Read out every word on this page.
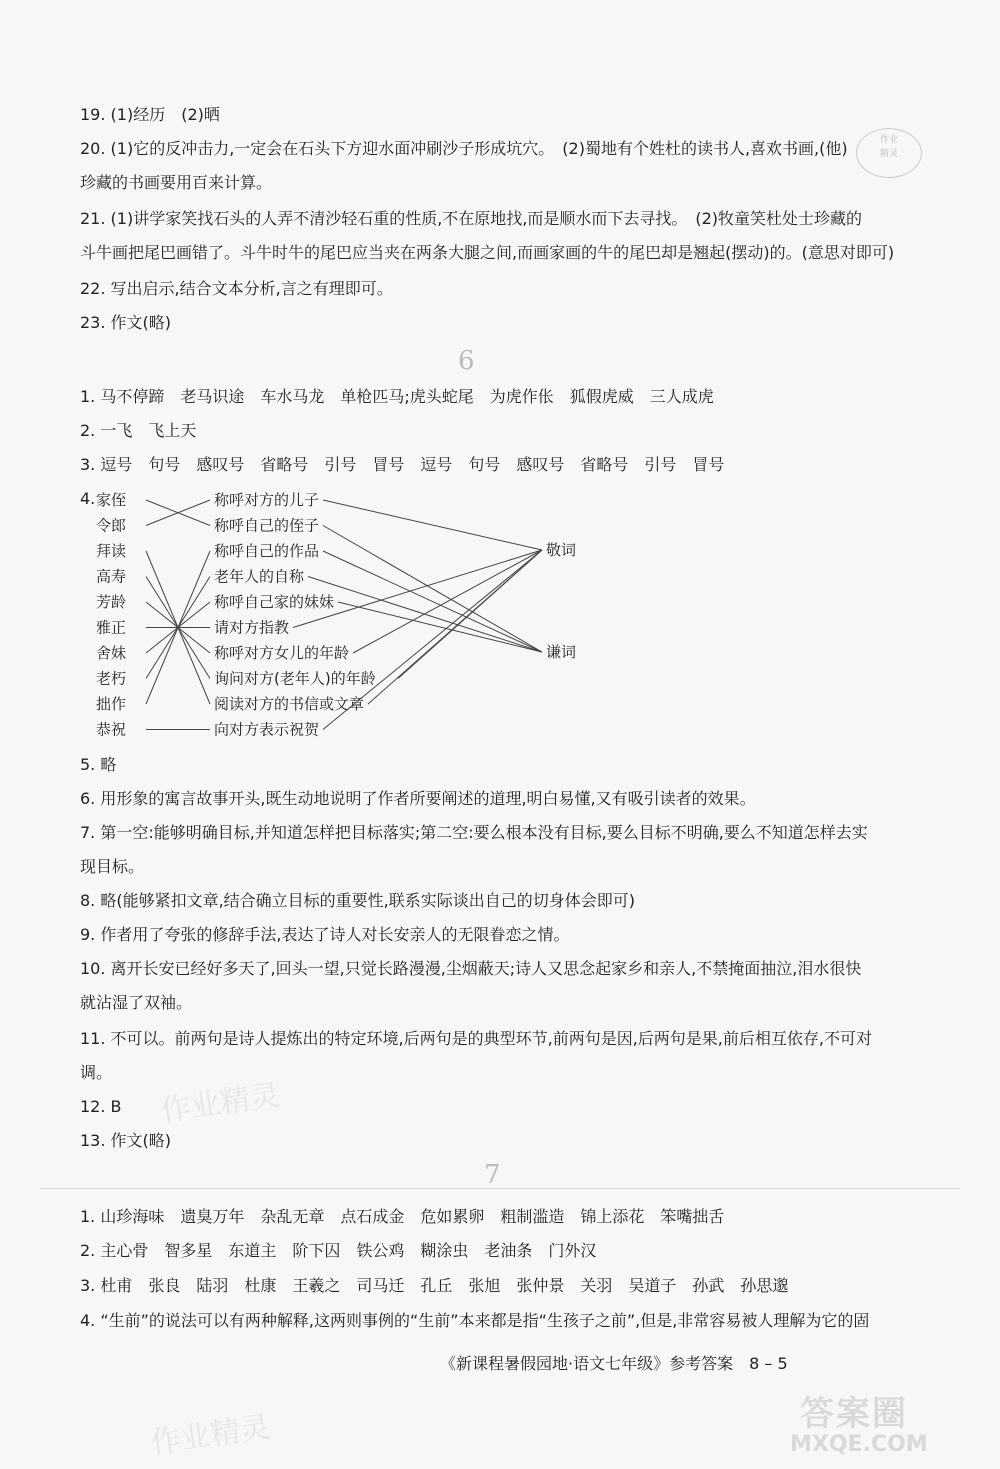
19. (1)经历　(2)晒
20. (1)它的反冲击力,一定会在石头下方迎水面冲刷沙子形成坑穴。　(2)蜀地有个姓杜的读书人,喜欢书画,(他)
珍藏的书画要用百来计算。
21. (1)讲学家笑找石头的人弄不清沙轻石重的性质,不在原地找,而是顺水而下去寻找。　(2)牧童笑杜处士珍藏的
斗牛画把尾巴画错了。斗牛时牛的尾巴应当夹在两条大腿之间,而画家画的牛的尾巴却是翘起(摆动)的。(意思对即可)
22. 写出启示,结合文本分析,言之有理即可。
23. 作文(略)
作业
精灵
6
1. 马不停蹄　老马识途　车水马龙　单枪匹马;虎头蛇尾　为虎作伥　狐假虎威　三人成虎
2. 一飞　飞上天
3. 逗号　句号　感叹号　省略号　引号　冒号　逗号　句号　感叹号　省略号　引号　冒号
4. 家侄
令郎
拜读
高寿
芳龄
雅正
舍妹
老朽
拙作
恭祝
称呼对方的儿子
称呼自己的侄子
称呼自己的作品
老年人的自称
称呼自己家的妹妹
请对方指教
称呼对方女儿的年龄
询问对方(老年人)的年龄
阅读对方的书信或文章
向对方表示祝贺
敬词
谦词
5. 略
6. 用形象的寓言故事开头,既生动地说明了作者所要阐述的道理,明白易懂,又有吸引读者的效果。
7. 第一空:能够明确目标,并知道怎样把目标落实;第二空:要么根本没有目标,要么目标不明确,要么不知道怎样去实
现目标。
8. 略(能够紧扣文章,结合确立目标的重要性,联系实际谈出自己的切身体会即可)
9. 作者用了夸张的修辞手法,表达了诗人对长安亲人的无限眷恋之情。
10. 离开长安已经好多天了,回头一望,只觉长路漫漫,尘烟蔽天;诗人又思念起家乡和亲人,不禁掩面抽泣,泪水很快
就沾湿了双袖。
11. 不可以。前两句是诗人提炼出的特定环境,后两句是的典型环节,前两句是因,后两句是果,前后相互依存,不可对
调。
12. B
13. 作文(略)
作业精灵
7
1. 山珍海味　遗臭万年　杂乱无章　点石成金　危如累卵　粗制滥造　锦上添花　笨嘴拙舌
2. 主心骨　智多星　东道主　阶下囚　铁公鸡　糊涂虫　老油条　门外汉
3. 杜甫　张良　陆羽　杜康　王羲之　司马迁　孔丘　张旭　张仲景　关羽　吴道子　孙武　孙思邈
4. “生前”的说法可以有两种解释,这两则事例的“生前”本来都是指“生孩子之前”,但是,非常容易被人理解为它的固
《新课程暑假园地·语文七年级》参考答案　8 – 5
作业精灵	答案圈
MXQE.COM
